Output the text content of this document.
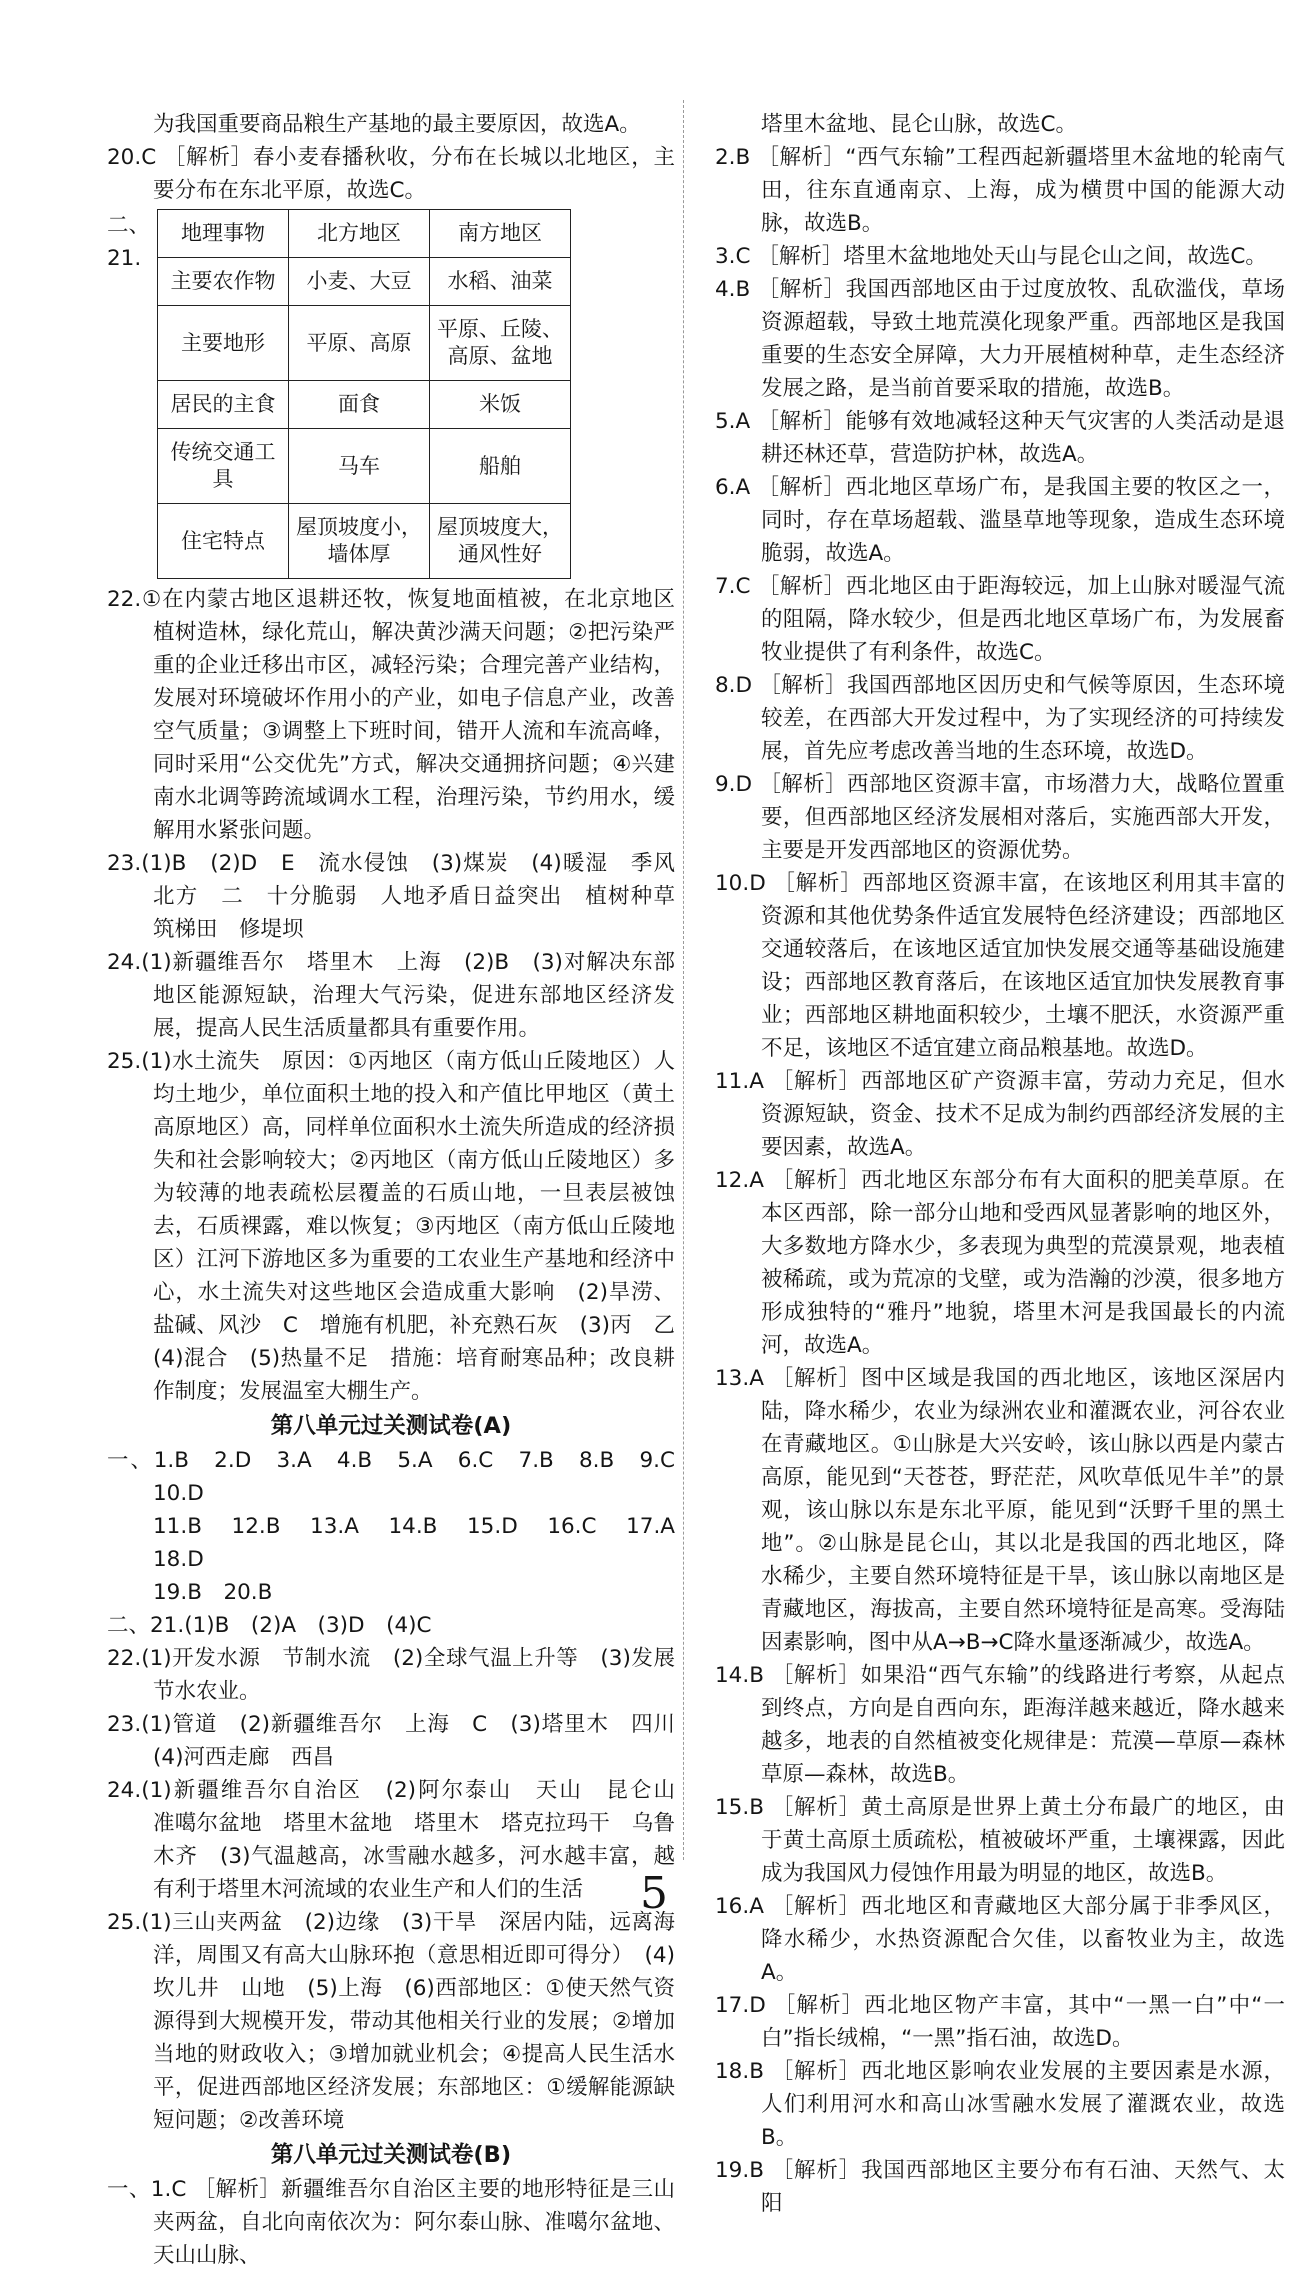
为我国重要商品粮生产基地的最主要原因，故选A。

20.C ［解析］春小麦春播秋收，分布在长城以北地区，主要分布在东北平原，故选C。

二、21.
地理事物	北方地区	南方地区
主要农作物	小麦、大豆	水稻、油菜
主要地形	平原、高原	平原、丘陵、高原、盆地
居民的主食	面食	米饭
传统交通工具	马车	船舶
住宅特点	屋顶坡度小，墙体厚	屋顶坡度大，通风性好

22.①在内蒙古地区退耕还牧，恢复地面植被，在北京地区植树造林，绿化荒山，解决黄沙满天问题；②把污染严重的企业迁移出市区，减轻污染；合理完善产业结构，发展对环境破坏作用小的产业，如电子信息产业，改善空气质量；③调整上下班时间，错开人流和车流高峰，同时采用“公交优先”方式，解决交通拥挤问题；④兴建南水北调等跨流域调水工程，治理污染，节约用水，缓解用水紧张问题。

23.(1)B　(2)D　E　流水侵蚀　(3)煤炭　(4)暖湿　季风　北方　二　十分脆弱　人地矛盾日益突出　植树种草　筑梯田　修堤坝

24.(1)新疆维吾尔　塔里木　上海　(2)B　(3)对解决东部地区能源短缺，治理大气污染，促进东部地区经济发展，提高人民生活质量都具有重要作用。

25.(1)水土流失　原因：①丙地区（南方低山丘陵地区）人均土地少，单位面积土地的投入和产值比甲地区（黄土高原地区）高，同样单位面积水土流失所造成的经济损失和社会影响较大；②丙地区（南方低山丘陵地区）多为较薄的地表疏松层覆盖的石质山地，一旦表层被蚀去，石质裸露，难以恢复；③丙地区（南方低山丘陵地区）江河下游地区多为重要的工农业生产基地和经济中心，水土流失对这些地区会造成重大影响　(2)旱涝、盐碱、风沙　C　增施有机肥，补充熟石灰　(3)丙　乙　(4)混合　(5)热量不足　措施：培育耐寒品种；改良耕作制度；发展温室大棚生产。

第八单元过关测试卷(A)

一、1.B　2.D　3.A　4.B　5.A　6.C　7.B　8.B　9.C　10.D

11.B　12.B　13.A　14.B　15.D　16.C　17.A　18.D

19.B　20.B

二、21.(1)B　(2)A　(3)D　(4)C

22.(1)开发水源　节制水流　(2)全球气温上升等　(3)发展节水农业。

23.(1)管道　(2)新疆维吾尔　上海　C　(3)塔里木　四川　(4)河西走廊　西昌

24.(1)新疆维吾尔自治区　(2)阿尔泰山　天山　昆仑山　准噶尔盆地　塔里木盆地　塔里木　塔克拉玛干　乌鲁木齐　(3)气温越高，冰雪融水越多，河水越丰富，越有利于塔里木河流域的农业生产和人们的生活

25.(1)三山夹两盆　(2)边缘　(3)干旱　深居内陆，远离海洋，周围又有高大山脉环抱（意思相近即可得分）　(4)坎儿井　山地　(5)上海　(6)西部地区：①使天然气资源得到大规模开发，带动其他相关行业的发展；②增加当地的财政收入；③增加就业机会；④提高人民生活水平，促进西部地区经济发展；东部地区：①缓解能源缺短问题；②改善环境

第八单元过关测试卷(B)

一、1.C ［解析］新疆维吾尔自治区主要的地形特征是三山夹两盆，自北向南依次为：阿尔泰山脉、准噶尔盆地、天山山脉、

塔里木盆地、昆仑山脉，故选C。

2.B ［解析］“西气东输”工程西起新疆塔里木盆地的轮南气田，往东直通南京、上海，成为横贯中国的能源大动脉，故选B。

3.C ［解析］塔里木盆地地处天山与昆仑山之间，故选C。

4.B ［解析］我国西部地区由于过度放牧、乱砍滥伐，草场资源超载，导致土地荒漠化现象严重。西部地区是我国重要的生态安全屏障，大力开展植树种草，走生态经济发展之路，是当前首要采取的措施，故选B。

5.A ［解析］能够有效地减轻这种天气灾害的人类活动是退耕还林还草，营造防护林，故选A。

6.A ［解析］西北地区草场广布，是我国主要的牧区之一，同时，存在草场超载、滥垦草地等现象，造成生态环境脆弱，故选A。

7.C ［解析］西北地区由于距海较远，加上山脉对暖湿气流的阻隔，降水较少，但是西北地区草场广布，为发展畜牧业提供了有利条件，故选C。

8.D ［解析］我国西部地区因历史和气候等原因，生态环境较差，在西部大开发过程中，为了实现经济的可持续发展，首先应考虑改善当地的生态环境，故选D。

9.D ［解析］西部地区资源丰富，市场潜力大，战略位置重要，但西部地区经济发展相对落后，实施西部大开发，主要是开发西部地区的资源优势。

10.D ［解析］西部地区资源丰富，在该地区利用其丰富的资源和其他优势条件适宜发展特色经济建设；西部地区交通较落后，在该地区适宜加快发展交通等基础设施建设；西部地区教育落后，在该地区适宜加快发展教育事业；西部地区耕地面积较少，土壤不肥沃，水资源严重不足，该地区不适宜建立商品粮基地。故选D。

11.A ［解析］西部地区矿产资源丰富，劳动力充足，但水资源短缺，资金、技术不足成为制约西部经济发展的主要因素，故选A。

12.A ［解析］西北地区东部分布有大面积的肥美草原。在本区西部，除一部分山地和受西风显著影响的地区外，大多数地方降水少，多表现为典型的荒漠景观，地表植被稀疏，或为荒凉的戈壁，或为浩瀚的沙漠，很多地方形成独特的“雅丹”地貌，塔里木河是我国最长的内流河，故选A。

13.A ［解析］图中区域是我国的西北地区，该地区深居内陆，降水稀少，农业为绿洲农业和灌溉农业，河谷农业在青藏地区。①山脉是大兴安岭，该山脉以西是内蒙古高原，能见到“天苍苍，野茫茫，风吹草低见牛羊”的景观，该山脉以东是东北平原，能见到“沃野千里的黑土地”。②山脉是昆仑山，其以北是我国的西北地区，降水稀少，主要自然环境特征是干旱，该山脉以南地区是青藏地区，海拔高，主要自然环境特征是高寒。受海陆因素影响，图中从A→B→C降水量逐渐减少，故选A。

14.B ［解析］如果沿“西气东输”的线路进行考察，从起点到终点，方向是自西向东，距海洋越来越近，降水越来越多，地表的自然植被变化规律是：荒漠—草原—森林草原—森林，故选B。

15.B ［解析］黄土高原是世界上黄土分布最广的地区，由于黄土高原土质疏松，植被破坏严重，土壤裸露，因此成为我国风力侵蚀作用最为明显的地区，故选B。

16.A ［解析］西北地区和青藏地区大部分属于非季风区，降水稀少，水热资源配合欠佳，以畜牧业为主，故选A。

17.D ［解析］西北地区物产丰富，其中“一黑一白”中“一白”指长绒棉，“一黑”指石油，故选D。

18.B ［解析］西北地区影响农业发展的主要因素是水源，人们利用河水和高山冰雪融水发展了灌溉农业，故选B。

19.B ［解析］我国西部地区主要分布有石油、天然气、太阳

5
